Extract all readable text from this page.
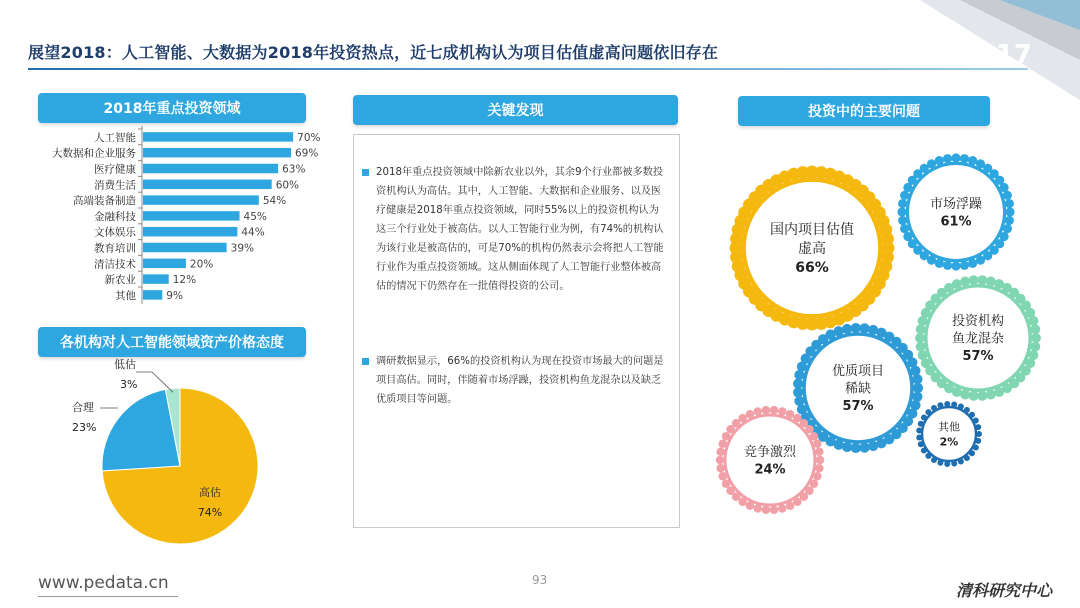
展望2018：人工智能、大数据为2018年投资热点，近七成机构认为项目估值虚高问题依旧存在	2017
2018年重点投资领域
各机构对人工智能领域资产价格态度
人工智能	70%
大数据和企业服务	69%
医疗健康	63%
消费生活	60%
高端装备制造	54%
金融科技	45%
文体娱乐	44%
教育培训	39%
清洁技术	20%
新农业	12%
其他	9%
高估
74%
合理
23%
低估
3%
关键发现
2018年重点投资领域中除新农业以外，其余9个行业都被多数投资机构认为高估。其中，人工智能、大数据和企业服务、以及医疗健康是2018年重点投资领域，同时55%以上的投资机构认为这三个行业处于被高估。以人工智能行业为例，有74%的机构认为该行业是被高估的，可是70%的机构仍然表示会将把人工智能行业作为重点投资领域。这从侧面体现了人工智能行业整体被高估的情况下仍然存在一批值得投资的公司。
调研数据显示，66%的投资机构认为现在投资市场最大的问题是项目高估。同时，伴随着市场浮躁，投资机构鱼龙混杂以及缺乏优质项目等问题。
投资中的主要问题
国内项目估值
虚高
66%
市场浮躁
61%
投资机构
鱼龙混杂
57%
优质项目
稀缺
57%
其他
2%
竞争激烈
24%
www.pedata.cn	93
清科研究中心
